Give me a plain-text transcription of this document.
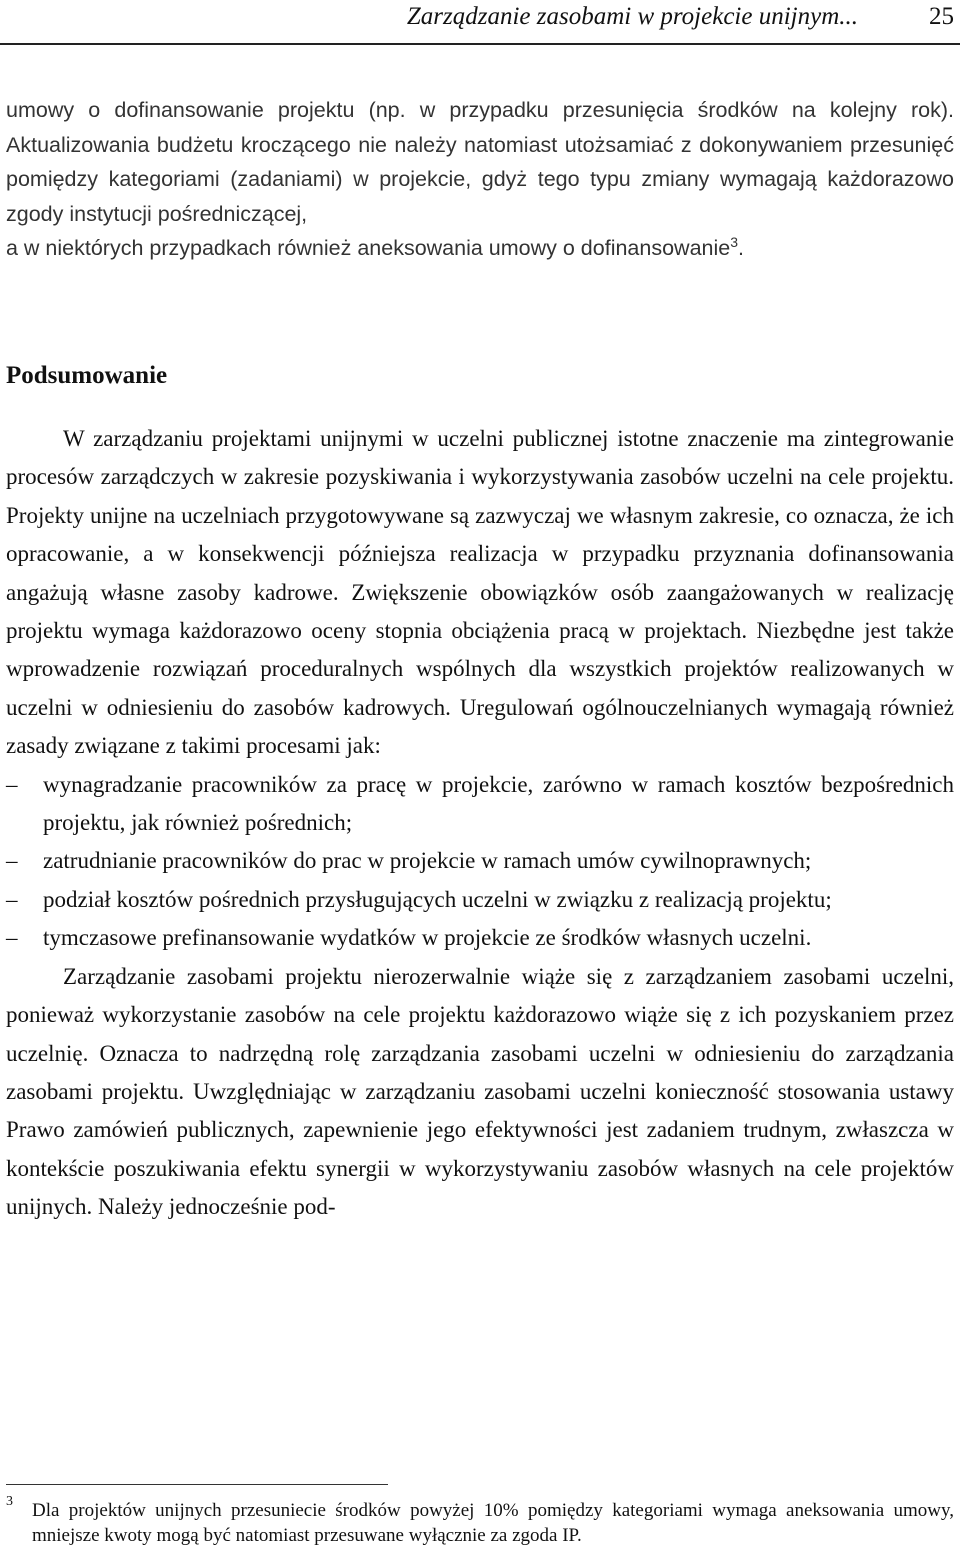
Zarządzanie zasobami w projekcie unijnym...	25

umowy o dofinansowanie projektu (np. w przypadku przesunięcia środków na kolejny rok). Aktualizowania budżetu kroczącego nie należy natomiast utożsamiać z dokonywaniem przesunięć pomiędzy kategoriami (zadaniami) w projekcie, gdyż tego typu zmiany wymagają każdorazowo zgody instytucji pośredniczącej,

a w niektórych przypadkach również aneksowania umowy o dofinansowanie$^3$.

Podsumowanie

W zarządzaniu projektami unijnymi w uczelni publicznej istotne znaczenie ma zintegrowanie procesów zarządczych w zakresie pozyskiwania i wykorzystywania zasobów uczelni na cele projektu. Projekty unijne na uczelniach przygotowywane są zazwyczaj we własnym zakresie, co oznacza, że ich opracowanie, a w konsekwencji późniejsza realizacja w przypadku przyznania dofinansowania angażują własne zasoby kadrowe. Zwiększenie obowiązków osób zaangażowanych w realizację projektu wymaga każdorazowo oceny stopnia obciążenia pracą w projektach. Niezbędne jest także wprowadzenie rozwiązań proceduralnych wspólnych dla wszystkich projektów realizowanych w uczelni w odniesieniu do zasobów kadrowych. Uregulowań ogólnouczelnianych wymagają również zasady związane z takimi procesami jak:

– wynagradzanie pracowników za pracę w projekcie, zarówno w ramach kosztów bezpośrednich projektu, jak również pośrednich;
– zatrudnianie pracowników do prac w projekcie w ramach umów cywilnoprawnych;
– podział kosztów pośrednich przysługujących uczelni w związku z realizacją projektu;
– tymczasowe prefinansowanie wydatków w projekcie ze środków własnych uczelni.

Zarządzanie zasobami projektu nierozerwalnie wiąże się z zarządzaniem zasobami uczelni, ponieważ wykorzystanie zasobów na cele projektu każdorazowo wiąże się z ich pozyskaniem przez uczelnię. Oznacza to nadrzędną rolę zarządzania zasobami uczelni w odniesieniu do zarządzania zasobami projektu. Uwzględniając w zarządzaniu zasobami uczelni konieczność stosowania ustawy Prawo zamówień publicznych, zapewnienie jego efektywności jest zadaniem trudnym, zwłaszcza w kontekście poszukiwania efektu synergii w wykorzystywaniu zasobów własnych na cele projektów unijnych. Należy jednocześnie pod-

3 Dla projektów unijnych przesuniecie środków powyżej 10% pomiędzy kategoriami wymaga aneksowania umowy, mniejsze kwoty mogą być natomiast przesuwane wyłącznie za zgoda IP.
